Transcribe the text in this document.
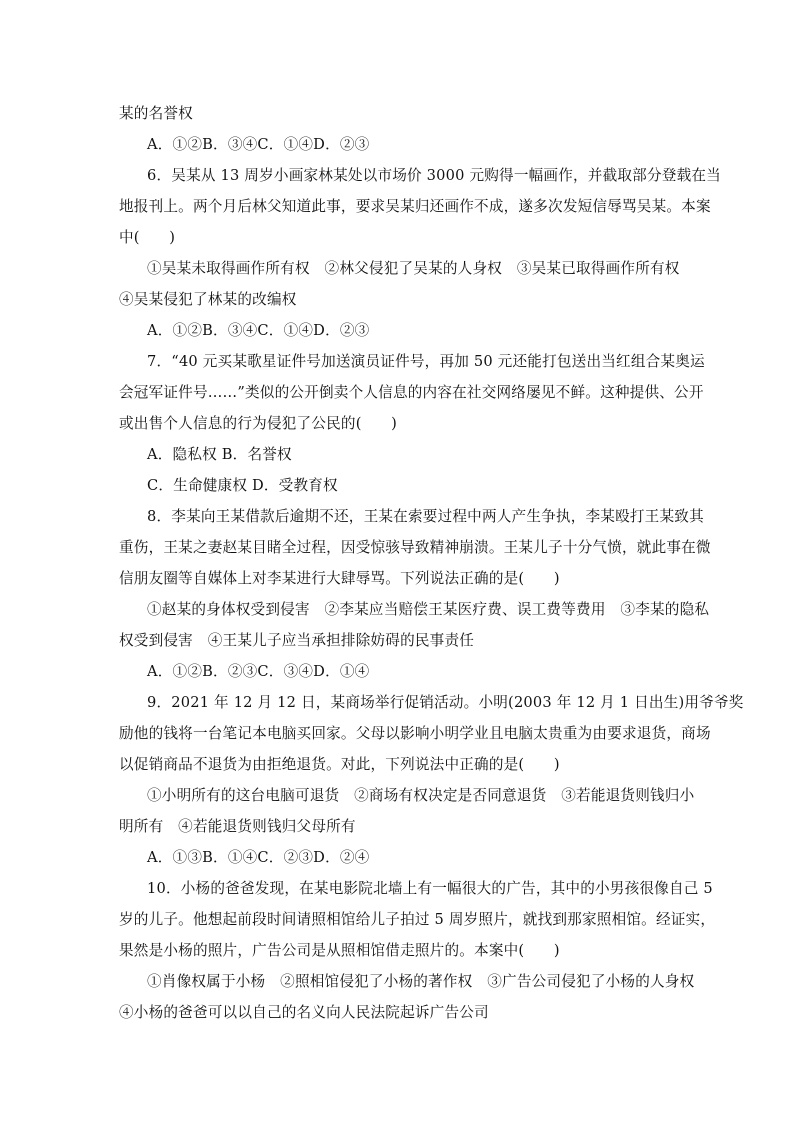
某的名誉权
A．①②B．③④C．①④D．②③
6．吴某从 13 周岁小画家林某处以市场价 3000 元购得一幅画作，并截取部分登载在当
地报刊上。两个月后林父知道此事，要求吴某归还画作不成，遂多次发短信辱骂吴某。本案
中(　　)
①吴某未取得画作所有权　②林父侵犯了吴某的人身权　③吴某已取得画作所有权
④吴某侵犯了林某的改编权
A．①②B．③④C．①④D．②③
7．“40 元买某歌星证件号加送演员证件号，再加 50 元还能打包送出当红组合某奥运
会冠军证件号……”类似的公开倒卖个人信息的内容在社交网络屡见不鲜。这种提供、公开
或出售个人信息的行为侵犯了公民的(　　)
A．隐私权 B．名誉权
C．生命健康权 D．受教育权
8．李某向王某借款后逾期不还，王某在索要过程中两人产生争执，李某殴打王某致其
重伤，王某之妻赵某目睹全过程，因受惊骇导致精神崩溃。王某儿子十分气愤，就此事在微
信朋友圈等自媒体上对李某进行大肆辱骂。下列说法正确的是(　　)
①赵某的身体权受到侵害　②李某应当赔偿王某医疗费、误工费等费用　③李某的隐私
权受到侵害　④王某儿子应当承担排除妨碍的民事责任
A．①②B．②③C．③④D．①④
9．2021 年 12 月 12 日，某商场举行促销活动。小明(2003 年 12 月 1 日出生)用爷爷奖
励他的钱将一台笔记本电脑买回家。父母以影响小明学业且电脑太贵重为由要求退货，商场
以促销商品不退货为由拒绝退货。对此，下列说法中正确的是(　　)
①小明所有的这台电脑可退货　②商场有权决定是否同意退货　③若能退货则钱归小
明所有　④若能退货则钱归父母所有
A．①③B．①④C．②③D．②④
10．小杨的爸爸发现，在某电影院北墙上有一幅很大的广告，其中的小男孩很像自己 5
岁的儿子。他想起前段时间请照相馆给儿子拍过 5 周岁照片，就找到那家照相馆。经证实，
果然是小杨的照片，广告公司是从照相馆借走照片的。本案中(　　)
①肖像权属于小杨　②照相馆侵犯了小杨的著作权　③广告公司侵犯了小杨的人身权
④小杨的爸爸可以以自己的名义向人民法院起诉广告公司
